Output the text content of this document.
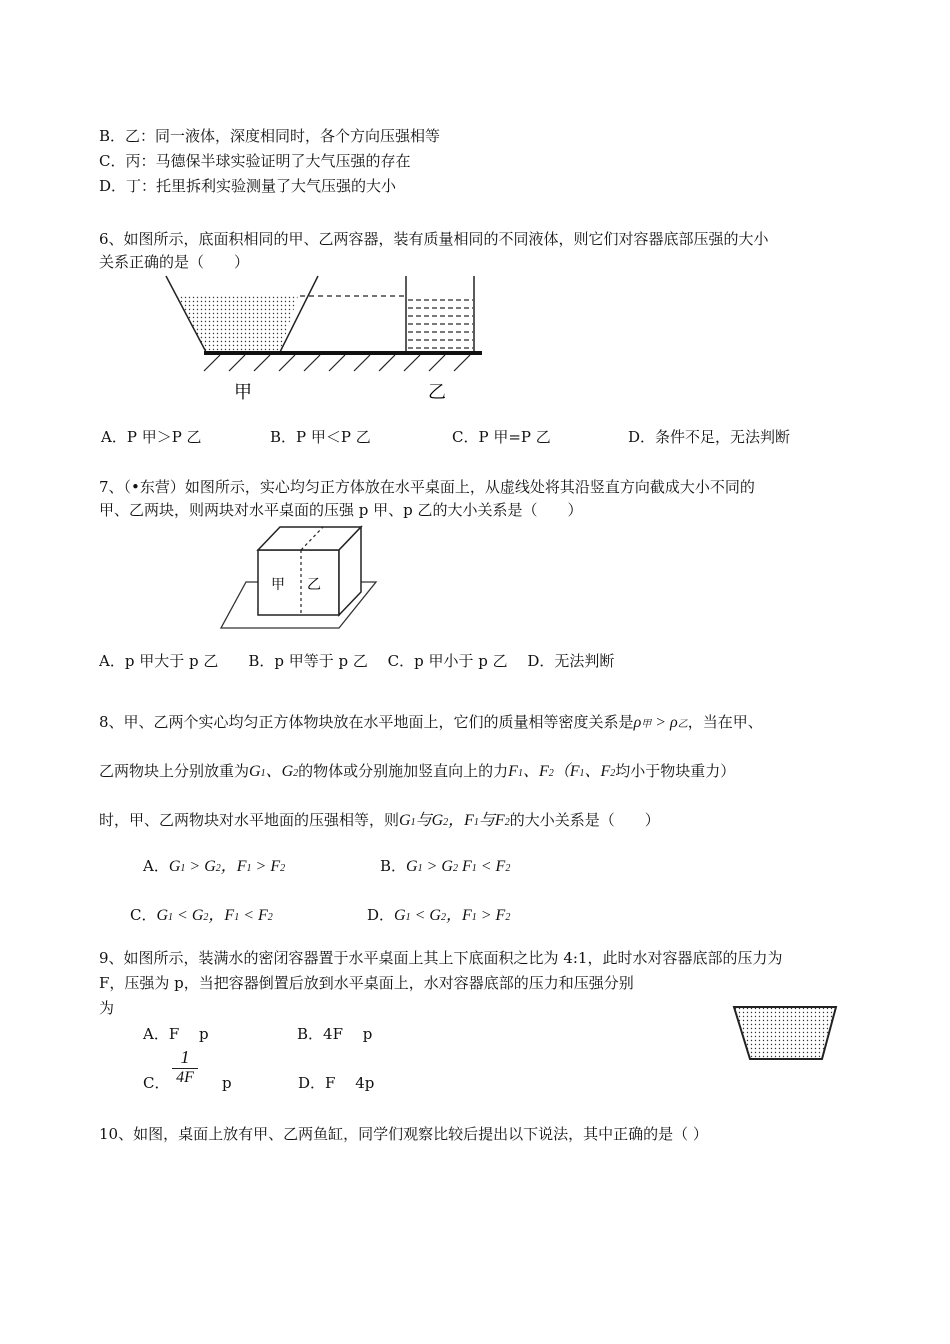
B．乙：同一液体，深度相同时，各个方向压强相等
C．丙：马德保半球实验证明了大气压强的存在
D．丁：托里拆利实验测量了大气压强的大小
6、如图所示，底面积相同的甲、乙两容器，装有质量相同的不同液体，则它们对容器底部压强的大小
关系正确的是（　　）
甲	乙
A．P 甲＞P 乙	B．P 甲＜P 乙	C．P 甲=P 乙	D．条件不足，无法判断
7、（•东营）如图所示，实心均匀正方体放在水平桌面上，从虚线处将其沿竖直方向截成大小不同的
甲、乙两块，则两块对水平桌面的压强 p 甲、p 乙的大小关系是（　　）
甲 乙
A．p 甲大于 p 乙　　B．p 甲等于 p 乙　 C．p 甲小于 p 乙　 D．无法判断
8、甲、乙两个实心均匀正方体物块放在水平地面上，它们的质量相等密度关系是ρ甲 > ρ乙，当在甲、
乙两物块上分别放重为G1、G2的物体或分别施加竖直向上的力F1、F2（F1、F2均小于物块重力）
时，甲、乙两物块对水平地面的压强相等，则G1与G2，F1与F2的大小关系是（　　）
A．G1 > G2，F1 > F2	B．G1 > G2 F1 < F2
C．G1 < G2，F1 < F2	D．G1 < G2，F1 > F2
9、如图所示，装满水的密闭容器置于水平桌面上其上下底面积之比为 4:1，此时水对容器底部的压力为
F，压强为 p，当把容器倒置后放到水平桌面上，水对容器底部的压力和压强分别
为
A．F　 p	B．4F　 p
C．
1
4F p	D．F　 4p
10、如图，桌面上放有甲、乙两鱼缸，同学们观察比较后提出以下说法，其中正确的是（ ）
